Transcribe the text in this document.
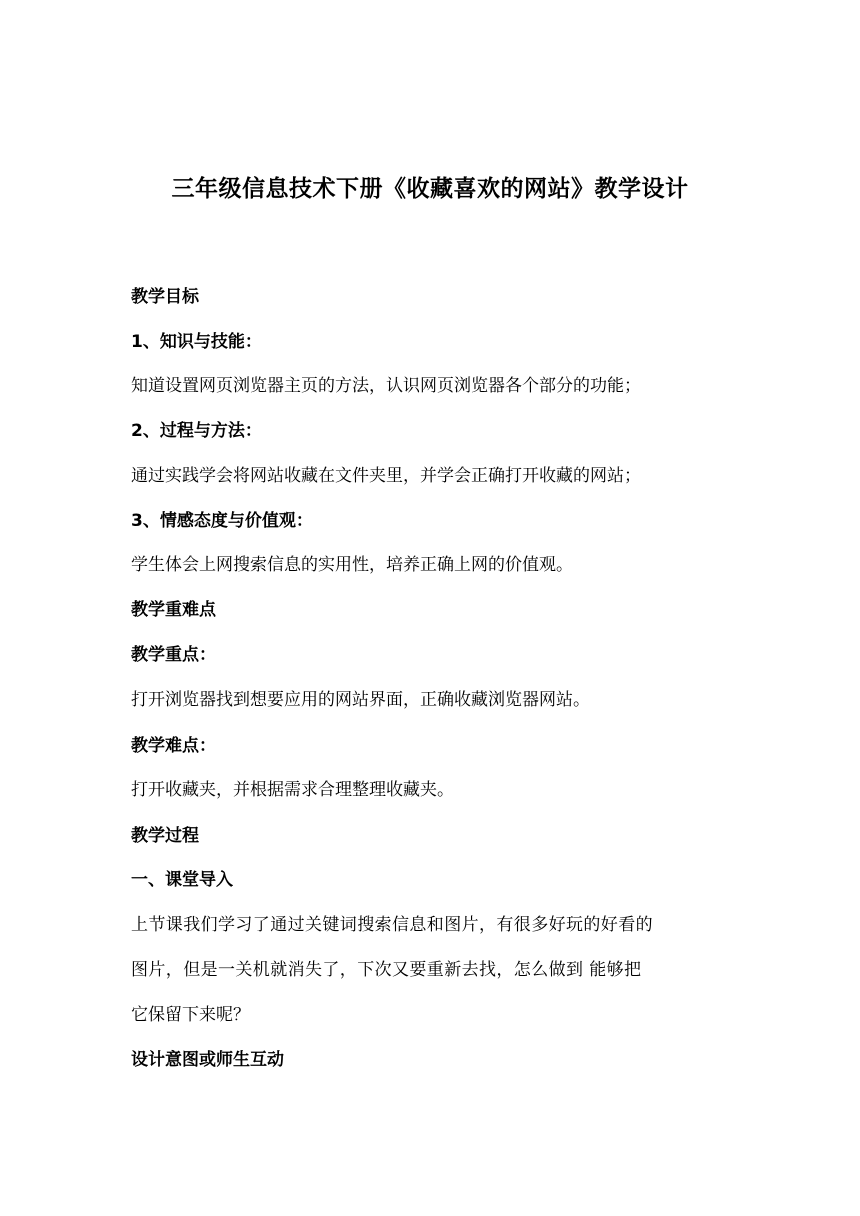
三年级信息技术下册《收藏喜欢的网站》教学设计
教学目标
1、知识与技能：
知道设置网页浏览器主页的方法，认识网页浏览器各个部分的功能；
2、过程与方法：
通过实践学会将网站收藏在文件夹里，并学会正确打开收藏的网站；
3、情感态度与价值观：
学生体会上网搜索信息的实用性，培养正确上网的价值观。
教学重难点
教学重点：
打开浏览器找到想要应用的网站界面，正确收藏浏览器网站。
教学难点：
打开收藏夹，并根据需求合理整理收藏夹。
教学过程
一、课堂导入
上节课我们学习了通过关键词搜索信息和图片，有很多好玩的好看的
图片，但是一关机就消失了，下次又要重新去找，怎么做到 能够把
它保留下来呢？
设计意图或师生互动
